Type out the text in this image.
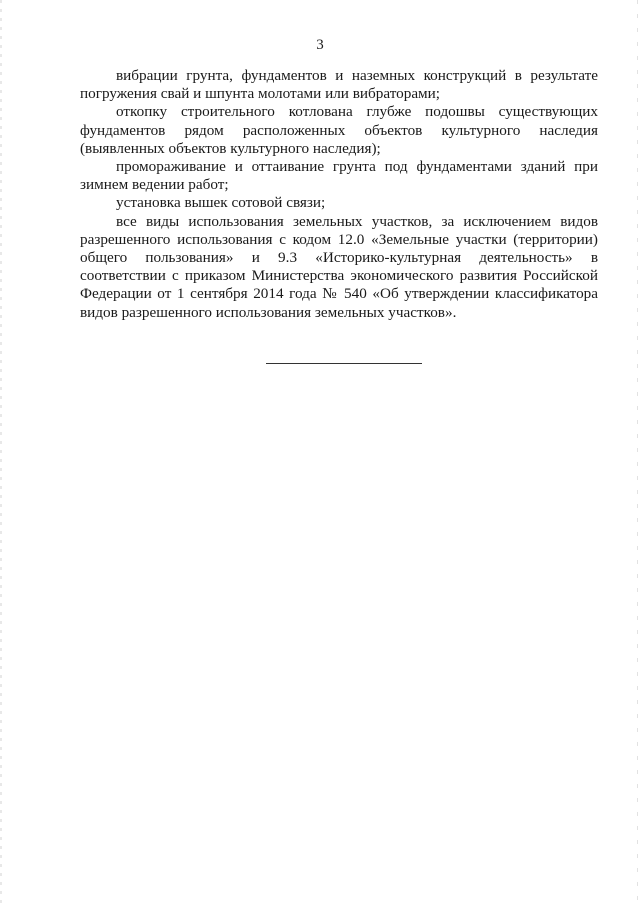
3

вибрации грунта, фундаментов и наземных конструкций в результате погружения свай и шпунта молотами или вибраторами;

откопку строительного котлована глубже подошвы существующих фундаментов рядом расположенных объектов культурного наследия (выявленных объектов культурного наследия);

промораживание и оттаивание грунта под фундаментами зданий при зимнем ведении работ;

установка вышек сотовой связи;

все виды использования земельных участков, за исключением видов разрешенного использования с кодом 12.0 «Земельные участки (территории) общего пользования» и 9.3 «Историко-культурная деятельность» в соответствии с приказом Министерства экономического развития Российской Федерации от 1 сентября 2014 года № 540 «Об утверждении классификатора видов разрешенного использования земельных участков».
